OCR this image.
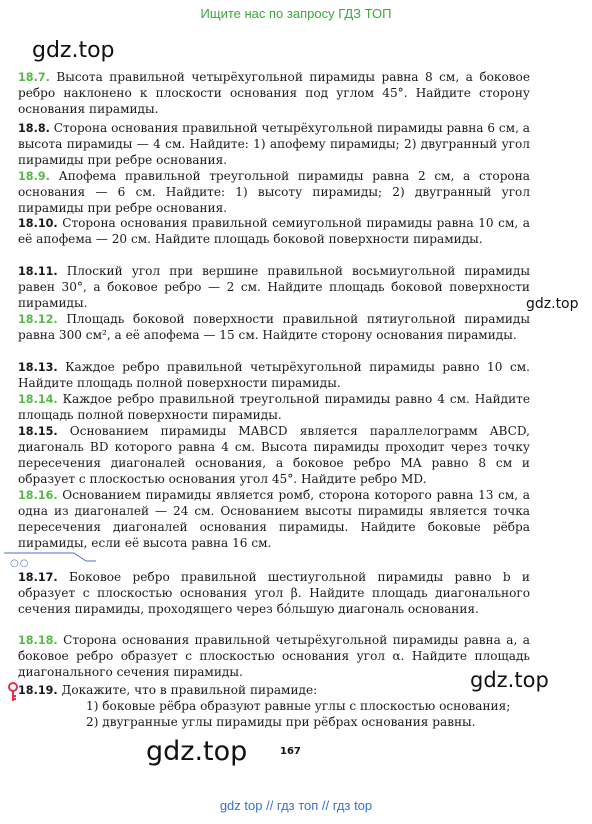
Ищите нас по запросу ГДЗ ТОП
gdz.top
gdz.top
gdz.top
gdz.top
○○
18.7. Высота правильной четырёхугольной пирамиды равна 8 см, а боковое ребро наклонено к плоскости основания под углом 45°. Найдите сторону основания пирамиды.
18.8. Сторона основания правильной четырёхугольной пирамиды равна 6 см, а высота пирамиды — 4 см. Найдите: 1) апофему пирамиды; 2) двугранный угол пирамиды при ребре основания.
18.9. Апофема правильной треугольной пирамиды равна 2 см, а сторона основания — 6 см. Найдите: 1) высоту пирамиды; 2) двугранный угол пирамиды при ребре основания.
18.10. Сторона основания правильной семиугольной пирамиды равна 10 см, а её апофема — 20 см. Найдите площадь боковой поверхности пирамиды.
18.11. Плоский угол при вершине правильной восьмиугольной пирамиды равен 30°, а боковое ребро — 2 см. Найдите площадь боковой поверхности пирамиды.
18.12. Площадь боковой поверхности правильной пятиугольной пирамиды равна 300 см², а её апофема — 15 см. Найдите сторону основания пирамиды.
18.13. Каждое ребро правильной четырёхугольной пирамиды равно 10 см. Найдите площадь полной поверхности пирамиды.
18.14. Каждое ребро правильной треугольной пирамиды равно 4 см. Найдите площадь полной поверхности пирамиды.
18.15. Основанием пирамиды MABCD является параллелограмм ABCD, диагональ BD которого равна 4 см. Высота пирамиды проходит через точку пересечения диагоналей основания, а боковое ребро MA равно 8 см и образует с плоскостью основания угол 45°. Найдите ребро MD.
18.16. Основанием пирамиды является ромб, сторона которого равна 13 см, а одна из диагоналей — 24 см. Основанием высоты пирамиды является точка пересечения диагоналей основания пирамиды. Найдите боковые рёбра пирамиды, если её высота равна 16 см.
18.17. Боковое ребро правильной шестиугольной пирамиды равно b и образует с плоскостью основания угол β. Найдите площадь диагонального сечения пирамиды, проходящего через бóльшую диагональ основания.
18.18. Сторона основания правильной четырёхугольной пирамиды равна a, а боковое ребро образует с плоскостью основания угол α. Найдите площадь диагонального сечения пирамиды.
18.19. Докажите, что в правильной пирамиде:
1) боковые рёбра образуют равные углы с плоскостью основания;
2) двугранные углы пирамиды при рёбрах основания равны.
167
gdz top // гдз топ // гдз top
